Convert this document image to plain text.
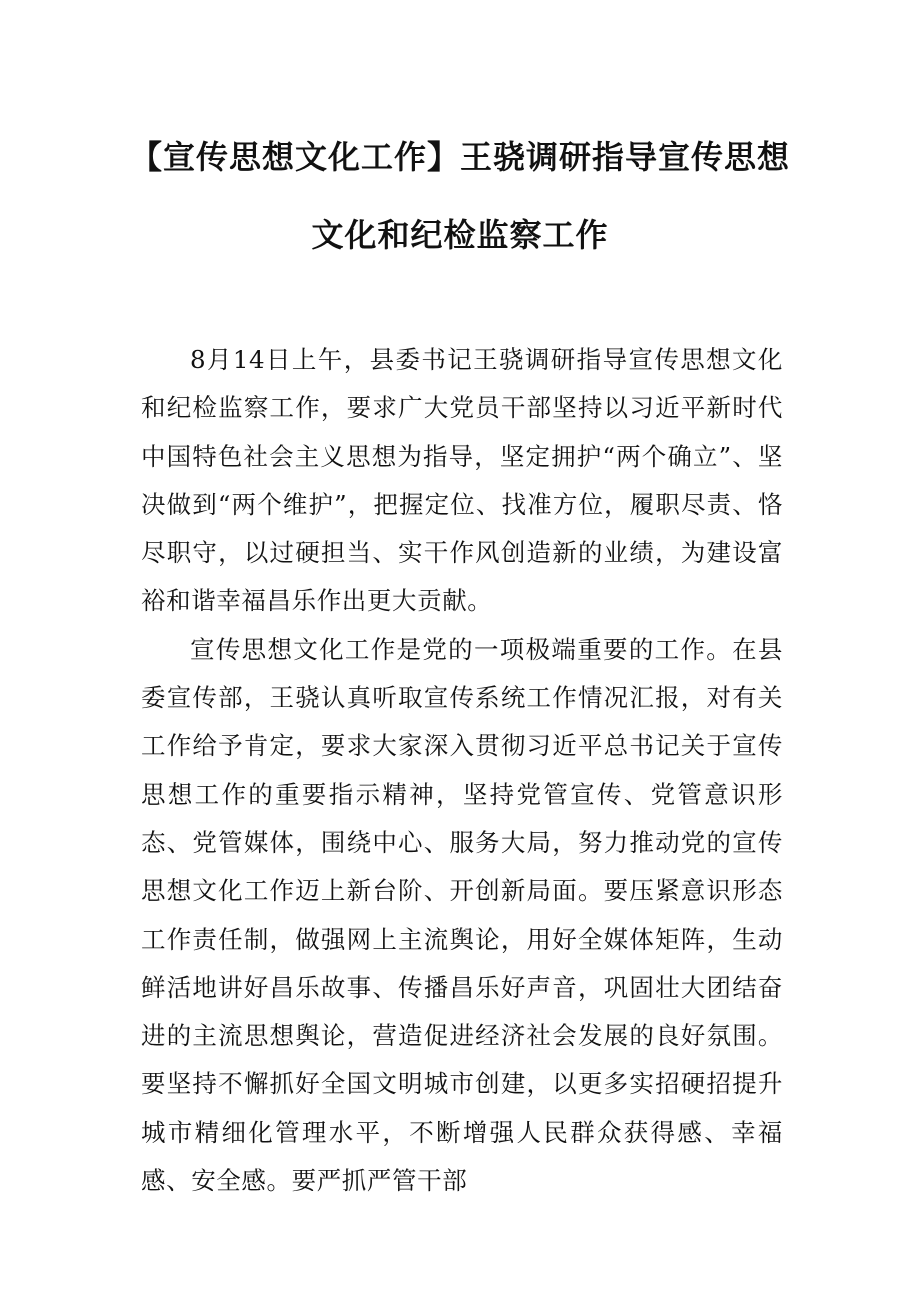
【宣传思想文化工作】王骁调研指导宣传思想文化和纪检监察工作

8月14日上午，县委书记王骁调研指导宣传思想文化和纪检监察工作，要求广大党员干部坚持以习近平新时代中国特色社会主义思想为指导，坚定拥护“两个确立”、坚决做到“两个维护”，把握定位、找准方位，履职尽责、恪尽职守，以过硬担当、实干作风创造新的业绩，为建设富裕和谐幸福昌乐作出更大贡献。

宣传思想文化工作是党的一项极端重要的工作。在县委宣传部，王骁认真听取宣传系统工作情况汇报，对有关工作给予肯定，要求大家深入贯彻习近平总书记关于宣传思想工作的重要指示精神，坚持党管宣传、党管意识形态、党管媒体，围绕中心、服务大局，努力推动党的宣传思想文化工作迈上新台阶、开创新局面。要压紧意识形态工作责任制，做强网上主流舆论，用好全媒体矩阵，生动鲜活地讲好昌乐故事、传播昌乐好声音，巩固壮大团结奋进的主流思想舆论，营造促进经济社会发展的良好氛围。要坚持不懈抓好全国文明城市创建，以更多实招硬招提升城市精细化管理水平，不断增强人民群众获得感、幸福感、安全感。要严抓严管干部
